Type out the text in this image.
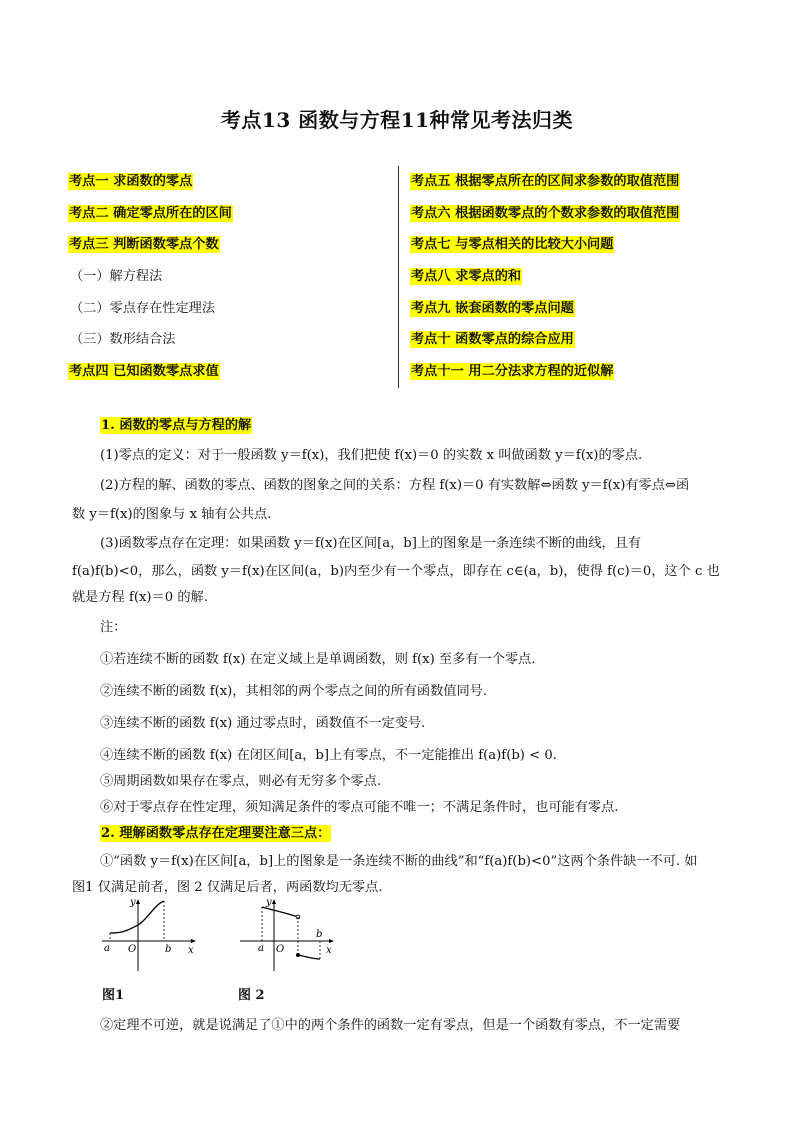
考点13 函数与方程11种常见考法归类
考点一 求函数的零点
考点二 确定零点所在的区间
考点三 判断函数零点个数
（一）解方程法
（二）零点存在性定理法
（三）数形结合法
考点四 已知函数零点求值
考点五 根据零点所在的区间求参数的取值范围
考点六 根据函数零点的个数求参数的取值范围
考点七 与零点相关的比较大小问题
考点八 求零点的和
考点九 嵌套函数的零点问题
考点十 函数零点的综合应用
考点十一 用二分法求方程的近似解
1. 函数的零点与方程的解
(1)零点的定义：对于一般函数 y＝f(x)，我们把使 f(x)＝0 的实数 x 叫做函数 y＝f(x)的零点.
(2)方程的解、函数的零点、函数的图象之间的关系：方程 f(x)＝0 有实数解⇔函数 y＝f(x)有零点⇔函
数 y＝f(x)的图象与 x 轴有公共点.
(3)函数零点存在定理：如果函数 y＝f(x)在区间[a，b]上的图象是一条连续不断的曲线，且有
f(a)f(b)<0，那么，函数 y＝f(x)在区间(a，b)内至少有一个零点，即存在 c∈(a，b)，使得 f(c)＝0，这个 c 也
就是方程 f(x)＝0 的解.
注：
①若连续不断的函数 f(x) 在定义域上是单调函数，则 f(x) 至多有一个零点.
②连续不断的函数 f(x)，其相邻的两个零点之间的所有函数值同号.
③连续不断的函数 f(x) 通过零点时，函数值不一定变号.
④连续不断的函数 f(x) 在闭区间[a，b]上有零点，不一定能推出 f(a)f(b) < 0.
⑤周期函数如果存在零点，则必有无穷多个零点.
⑥对于零点存在性定理，须知满足条件的零点可能不唯一；不满足条件时，也可能有零点.
2. 理解函数零点存在定理要注意三点：
①“函数 y＝f(x)在区间[a，b]上的图象是一条连续不断的曲线”和“f(a)f(b)<0”这两个条件缺一不可. 如
图1 仅满足前者，图 2 仅满足后者，两函数均无零点.
②定理不可逆，就是说满足了①中的两个条件的函数一定有零点，但是一个函数有零点，不一定需要
y
x
O
a	b
图1
y
x
O
a
b
图 2
